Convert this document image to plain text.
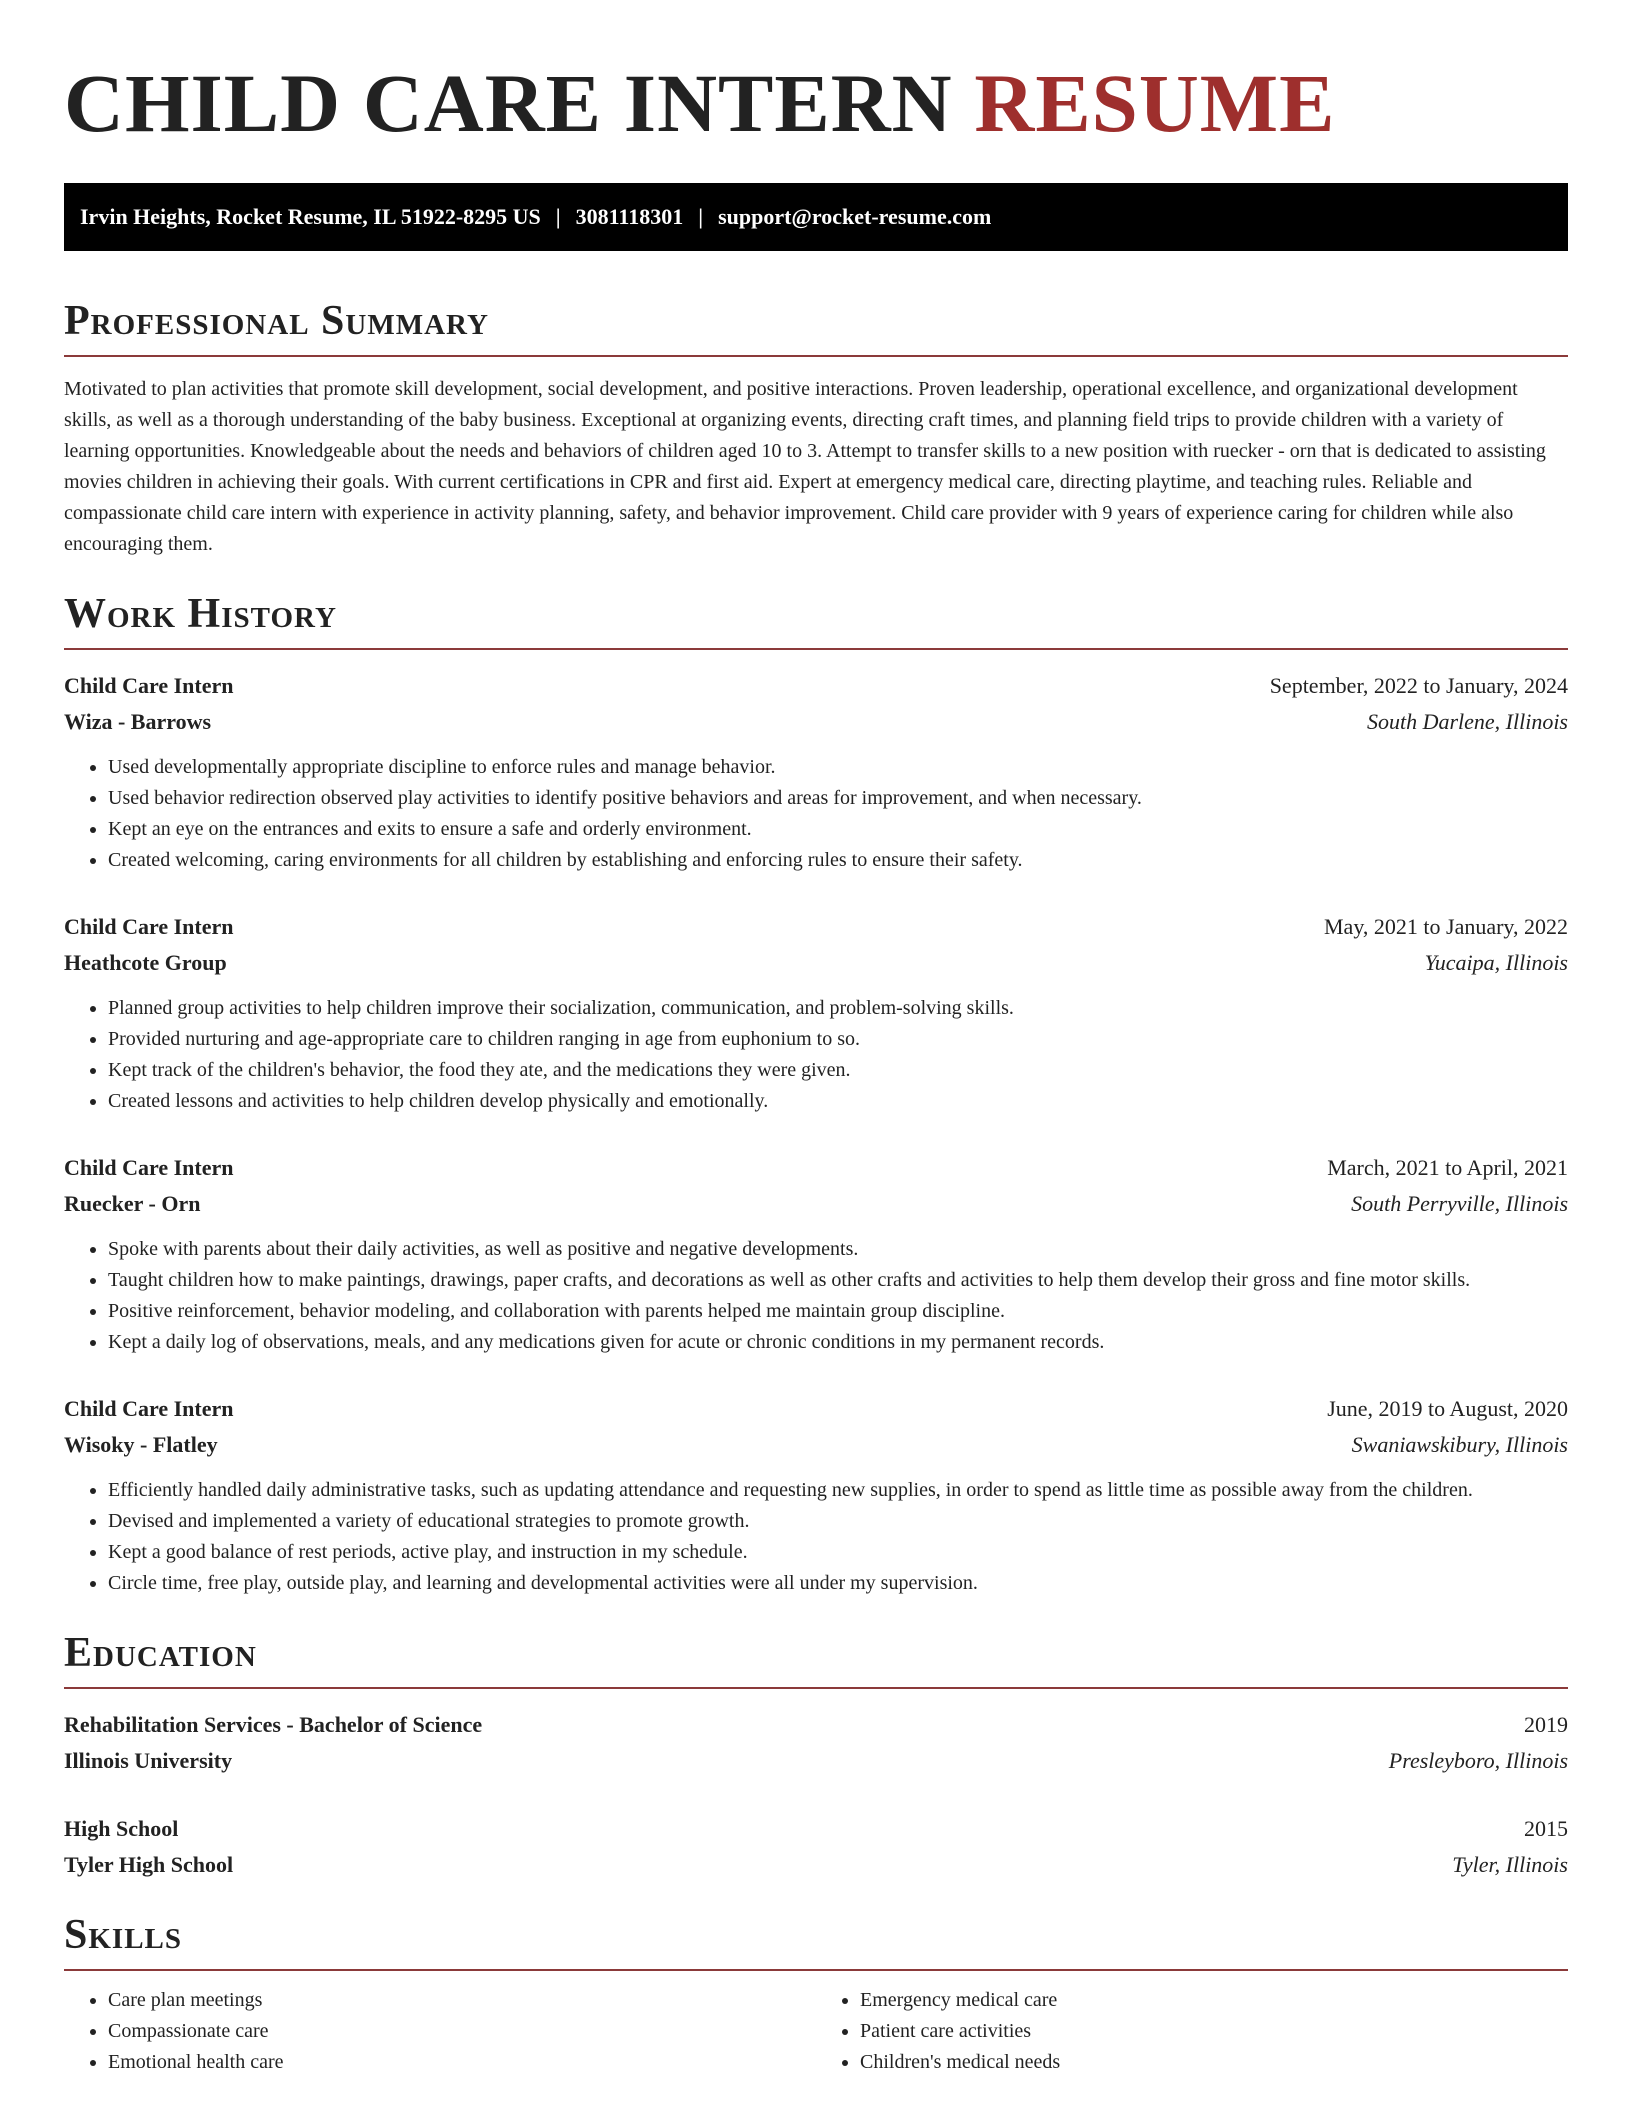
CHILD CARE INTERN RESUME
Irvin Heights, Rocket Resume, IL 51922-8295 US | 3081118301 | support@rocket-resume.com
Professional Summary

Motivated to plan activities that promote skill development, social development, and positive interactions. Proven leadership, operational excellence, and organizational development skills, as well as a thorough understanding of the baby business. Exceptional at organizing events, directing craft times, and planning field trips to provide children with a variety of learning opportunities. Knowledgeable about the needs and behaviors of children aged 10 to 3. Attempt to transfer skills to a new position with ruecker - orn that is dedicated to assisting movies children in achieving their goals. With current certifications in CPR and first aid. Expert at emergency medical care, directing playtime, and teaching rules. Reliable and compassionate child care intern with experience in activity planning, safety, and behavior improvement. Child care provider with 9 years of experience caring for children while also encouraging them.

Work History
Child Care Intern	September, 2022 to January, 2024
Wiza - Barrows	South Darlene, Illinois
• Used developmentally appropriate discipline to enforce rules and manage behavior.
• Used behavior redirection observed play activities to identify positive behaviors and areas for improvement, and when necessary.
• Kept an eye on the entrances and exits to ensure a safe and orderly environment.
• Created welcoming, caring environments for all children by establishing and enforcing rules to ensure their safety.
Child Care Intern	May, 2021 to January, 2022
Heathcote Group	Yucaipa, Illinois
• Planned group activities to help children improve their socialization, communication, and problem-solving skills.
• Provided nurturing and age-appropriate care to children ranging in age from euphonium to so.
• Kept track of the children's behavior, the food they ate, and the medications they were given.
• Created lessons and activities to help children develop physically and emotionally.
Child Care Intern	March, 2021 to April, 2021
Ruecker - Orn	South Perryville, Illinois
• Spoke with parents about their daily activities, as well as positive and negative developments.
• Taught children how to make paintings, drawings, paper crafts, and decorations as well as other crafts and activities to help them develop their gross and fine motor skills.
• Positive reinforcement, behavior modeling, and collaboration with parents helped me maintain group discipline.
• Kept a daily log of observations, meals, and any medications given for acute or chronic conditions in my permanent records.
Child Care Intern	June, 2019 to August, 2020
Wisoky - Flatley	Swaniawskibury, Illinois
• Efficiently handled daily administrative tasks, such as updating attendance and requesting new supplies, in order to spend as little time as possible away from the children.
• Devised and implemented a variety of educational strategies to promote growth.
• Kept a good balance of rest periods, active play, and instruction in my schedule.
• Circle time, free play, outside play, and learning and developmental activities were all under my supervision.
Education
Rehabilitation Services - Bachelor of Science	2019
Illinois University	Presleyboro, Illinois
High School	2015
Tyler High School	Tyler, Illinois
Skills
• Care plan meetings
• Compassionate care
• Emotional health care
• Emergency medical care
• Patient care activities
• Children's medical needs
